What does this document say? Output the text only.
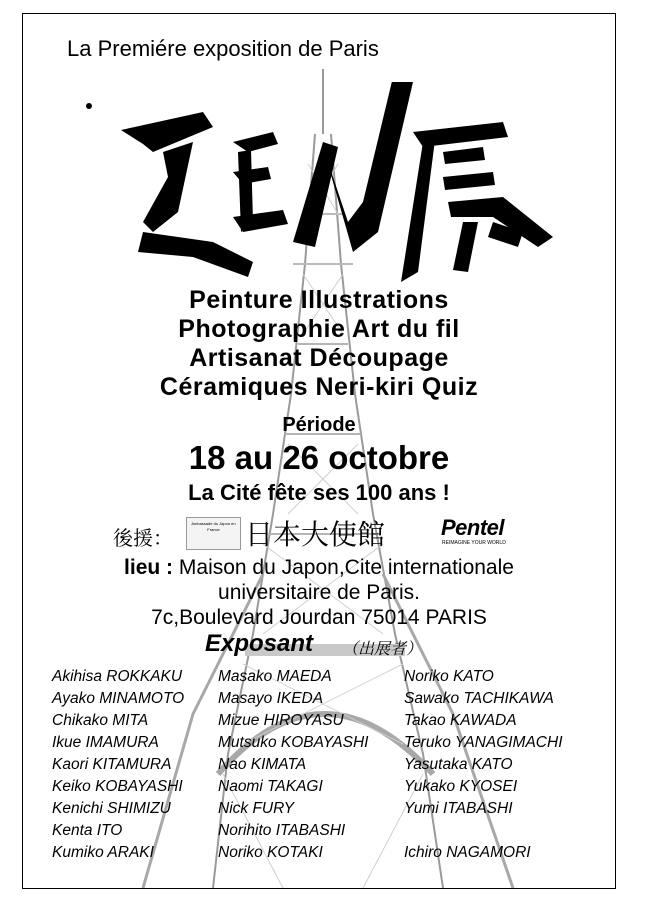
La Premiére exposition de Paris
Peinture Illustrations
Photographie Art du fil
Artisanat Découpage
Céramiques Neri-kiri Quiz
Période
18 au 26 octobre
La Cité fête ses 100 ans !
後援：
Ambassade du Japon en France 日本大使館	Pentel
REIMAGINE YOUR WORLD
lieu : Maison du Japon,Cite internationale
universitaire de Paris.
7c,Boulevard Jourdan 75014 PARIS
Exposant （出展者）
Akihisa ROKKAKU
Ayako MINAMOTO
Chikako MITA
Ikue IMAMURA
Kaori KITAMURA
Keiko KOBAYASHI
Kenichi SHIMIZU
Kenta ITO
Kumiko ARAKI
Masako MAEDA
Masayo IKEDA
Mizue HIROYASU
Mutsuko KOBAYASHI
Nao KIMATA
Naomi TAKAGI
Nick FURY
Norihito ITABASHI
Noriko KOTAKI
Noriko KATO
Sawako TACHIKAWA
Takao KAWADA
Teruko YANAGIMACHI
Yasutaka KATO
Yukako KYOSEI
Yumi ITABASHI

Ichiro NAGAMORI
